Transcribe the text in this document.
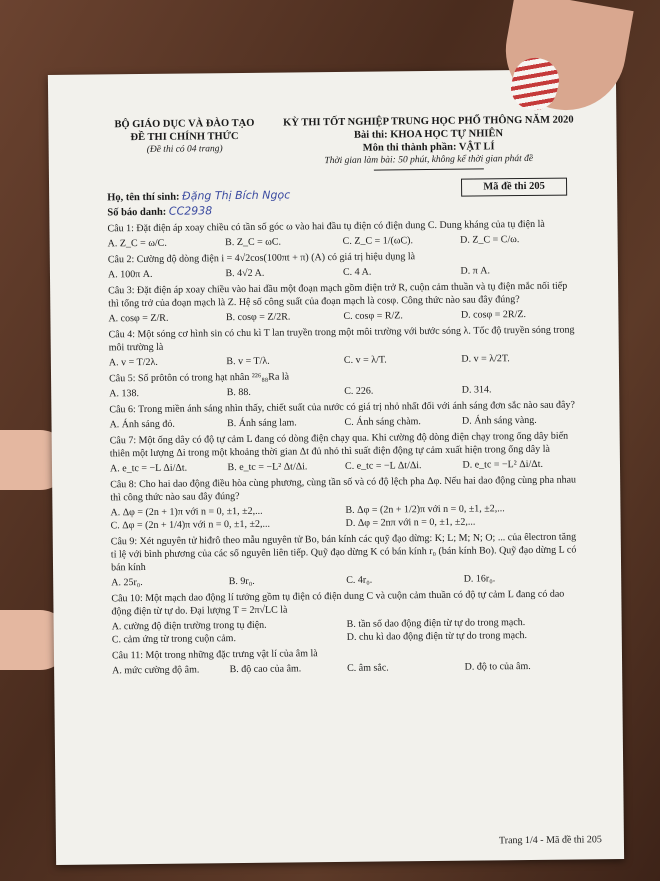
BỘ GIÁO DỤC VÀ ĐÀO TẠO
ĐỀ THI CHÍNH THỨC
(Đề thi có 04 trang)
KỲ THI TỐT NGHIỆP TRUNG HỌC PHỔ THÔNG NĂM 2020
Bài thi: KHOA HỌC TỰ NHIÊN
Môn thi thành phần: VẬT LÍ
Thời gian làm bài: 50 phút, không kể thời gian phát đề
Họ, tên thí sinh: Đặng Thị Bích Ngọc
Số báo danh: CC2938
Mã đề thi 205
Câu 1: Đặt điện áp xoay chiều có tần số góc ω vào hai đầu tụ điện có điện dung C. Dung kháng của tụ điện là
A. Z_C = ω/C.	B. Z_C = ωC.	C. Z_C = 1/(ωC).	D. Z_C = C/ω.
Câu 2: Cường độ dòng điện i = 4√2cos(100πt + π) (A) có giá trị hiệu dụng là
A. 100π A.	B. 4√2 A.	C. 4 A.	D. π A.
Câu 3: Đặt điện áp xoay chiều vào hai đầu một đoạn mạch gồm điện trở R, cuộn cảm thuần và tụ điện mắc nối tiếp thì tổng trở của đoạn mạch là Z. Hệ số công suất của đoạn mạch là cosφ. Công thức nào sau đây đúng?
A. cosφ = Z/R.	B. cosφ = Z/2R.	C. cosφ = R/Z.	D. cosφ = 2R/Z.
Câu 4: Một sóng cơ hình sin có chu kì T lan truyền trong một môi trường với bước sóng λ. Tốc độ truyền sóng trong môi trường là
A. v = T/2λ.	B. v = T/λ.	C. v = λ/T.	D. v = λ/2T.
Câu 5: Số prôtôn có trong hạt nhân ²²⁶₈₈Ra là
A. 138.	B. 88.	C. 226.	D. 314.
Câu 6: Trong miền ánh sáng nhìn thấy, chiết suất của nước có giá trị nhỏ nhất đối với ánh sáng đơn sắc nào sau đây?
A. Ánh sáng đỏ.	B. Ánh sáng lam.	C. Ánh sáng chàm.	D. Ánh sáng vàng.
Câu 7: Một ống dây có độ tự cảm L đang có dòng điện chạy qua. Khi cường độ dòng điện chạy trong ống dây biến thiên một lượng Δi trong một khoảng thời gian Δt đủ nhỏ thì suất điện động tự cảm xuất hiện trong ống dây là
A. e_tc = −L Δi/Δt.	B. e_tc = −L² Δt/Δi.	C. e_tc = −L Δt/Δi.	D. e_tc = −L² Δi/Δt.
Câu 8: Cho hai dao động điều hòa cùng phương, cùng tần số và có độ lệch pha Δφ. Nếu hai dao động cùng pha nhau thì công thức nào sau đây đúng?
A. Δφ = (2n + 1)π với n = 0, ±1, ±2,...	B. Δφ = (2n + 1/2)π với n = 0, ±1, ±2,...
C. Δφ = (2n + 1/4)π với n = 0, ±1, ±2,...	D. Δφ = 2nπ với n = 0, ±1, ±2,...
Câu 9: Xét nguyên tử hiđrô theo mẫu nguyên tử Bo, bán kính các quỹ đạo dừng: K; L; M; N; O; ... của êlectron tăng tỉ lệ với bình phương của các số nguyên liên tiếp. Quỹ đạo dừng K có bán kính r₀ (bán kính Bo). Quỹ đạo dừng L có bán kính
A. 25r₀.	B. 9r₀.	C. 4r₀.	D. 16r₀.
Câu 10: Một mạch dao động lí tưởng gồm tụ điện có điện dung C và cuộn cảm thuần có độ tự cảm L đang có dao động điện từ tự do. Đại lượng T = 2π√LC là
A. cường độ điện trường trong tụ điện.	B. tần số dao động điện từ tự do trong mạch.
C. cảm ứng từ trong cuộn cảm.	D. chu kì dao động điện từ tự do trong mạch.
Câu 11: Một trong những đặc trưng vật lí của âm là
A. mức cường độ âm.	B. độ cao của âm.	C. âm sắc.	D. độ to của âm.
Trang 1/4 - Mã đề thi 205
